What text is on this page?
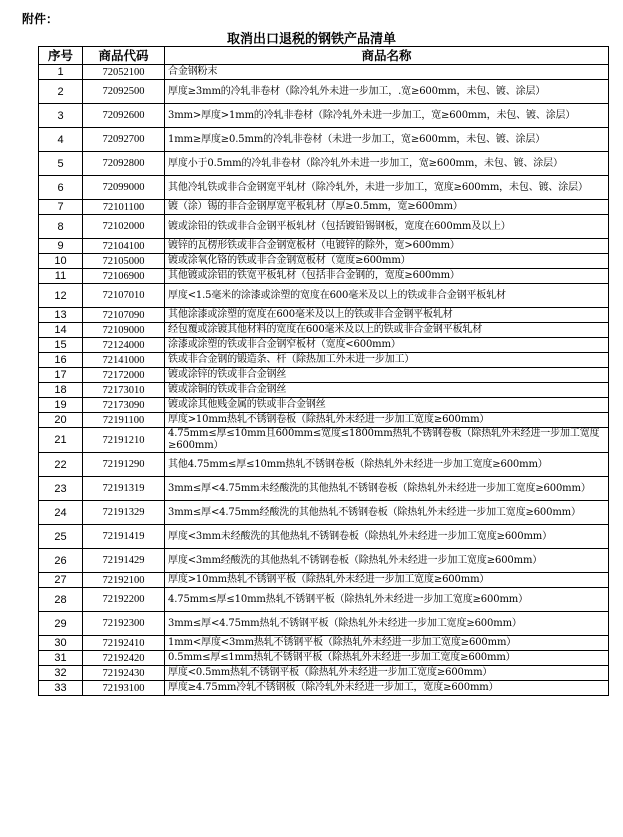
附件：
取消出口退税的钢铁产品清单
序号	商品代码	商品名称
1	72052100	合金钢粉末
2	72092500	厚度≥3mm的冷轧非卷材（除冷轧外未进一步加工，.宽≥600mm，未包、镀、涂层）
3	72092600	3mm>厚度>1mm的冷轧非卷材（除冷轧外未进一步加工，宽≥600mm，未包、镀、涂层）
4	72092700	1mm≥厚度≥0.5mm的冷轧非卷材（未进一步加工，宽≥600mm，未包、镀、涂层）
5	72092800	厚度小于0.5mm的冷轧非卷材（除冷轧外未进一步加工，宽≥600mm，未包、镀、涂层）
6	72099000	其他冷轧铁或非合金钢宽平轧材（除冷轧外，未进一步加工，宽度≥600mm，未包、镀、涂层）
7	72101100	镀（涂）锡的非合金钢厚宽平板轧材（厚≥0.5mm，宽≥600mm）
8	72102000	镀或涂铅的铁或非合金钢平板轧材（包括镀铅锡钢板，宽度在600mm及以上）
9	72104100	镀锌的瓦楞形铁或非合金钢宽板材（电镀锌的除外，宽>600mm）
10	72105000	镀或涂氧化铬的铁或非合金钢宽板材（宽度≥600mm）
11	72106900	其他镀或涂铝的铁宽平板轧材（包括非合金钢的，宽度≥600mm）
12	72107010	厚度<1.5毫米的涂漆或涂塑的宽度在600毫米及以上的铁或非合金钢平板轧材
13	72107090	其他涂漆或涂塑的宽度在600毫米及以上的铁或非合金钢平板轧材
14	72109000	经包覆或涂镀其他材料的宽度在600毫米及以上的铁或非合金钢平板轧材
15	72124000	涂漆或涂塑的铁或非合金钢窄板材（宽度<600mm）
16	72141000	铁或非合金钢的锻造条、杆（除热加工外未进一步加工）
17	72172000	镀或涂锌的铁或非合金钢丝
18	72173010	镀或涂铜的铁或非合金钢丝
19	72173090	镀或涂其他贱金属的铁或非合金钢丝
20	72191100	厚度>10mm热轧不锈钢卷板（除热轧外未经进一步加工宽度≥600mm）
21	72191210	4.75mm≤厚≤10mm且600mm≤宽度≤1800mm热轧不锈钢卷板（除热轧外未经进一步加工宽度≥600mm）
22	72191290	其他4.75mm≤厚≤10mm热轧不锈钢卷板（除热轧外未经进一步加工宽度≥600mm）
23	72191319	3mm≤厚<4.75mm未经酸洗的其他热轧不锈钢卷板（除热轧外未经进一步加工宽度≥600mm）
24	72191329	3mm≤厚<4.75mm经酸洗的其他热轧不锈钢卷板（除热轧外未经进一步加工宽度≥600mm）
25	72191419	厚度<3mm未经酸洗的其他热轧不锈钢卷板（除热轧外未经进一步加工宽度≥600mm）
26	72191429	厚度<3mm经酸洗的其他热轧不锈钢卷板（除热轧外未经进一步加工宽度≥600mm）
27	72192100	厚度>10mm热轧不锈钢平板（除热轧外未经进一步加工宽度≥600mm）
28	72192200	4.75mm≤厚≤10mm热轧不锈钢平板（除热轧外未经进一步加工宽度≥600mm）
29	72192300	3mm≤厚<4.75mm热轧不锈钢平板（除热轧外未经进一步加工宽度≥600mm）
30	72192410	1mm<厚度<3mm热轧不锈钢平板（除热轧外未经进一步加工宽度≥600mm）
31	72192420	0.5mm≤厚≤1mm热轧不锈钢平板（除热轧外未经进一步加工宽度≥600mm）
32	72192430	厚度<0.5mm热轧不锈钢平板（除热轧外未经进一步加工宽度≥600mm）
33	72193100	厚度≥4.75mm冷轧不锈钢板（除冷轧外未经进一步加工，宽度≥600mm）
